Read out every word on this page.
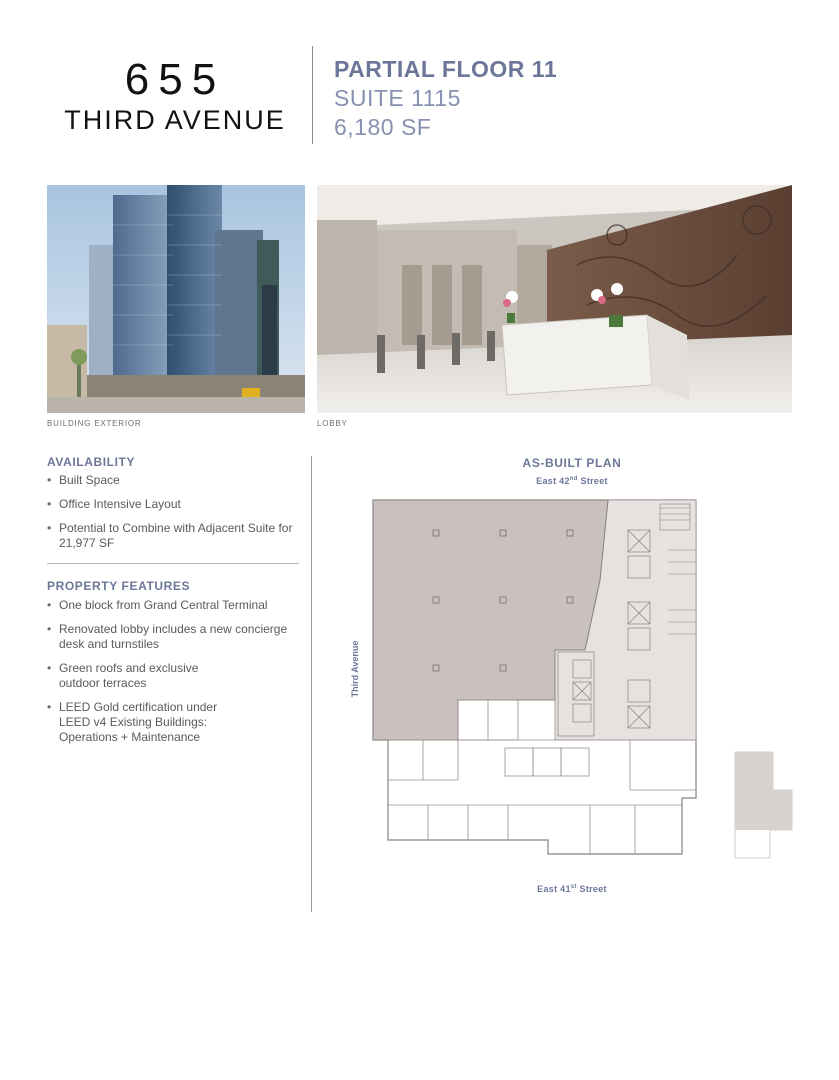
655
THIRD AVENUE
PARTIAL FLOOR 11
SUITE 1115
6,180 SF
BUILDING EXTERIOR	LOBBY
AVAILABILITY
• Built Space
• Office Intensive Layout
• Potential to Combine with Adjacent Suite for 21,977 SF
PROPERTY FEATURES
• One block from Grand Central Terminal
• Renovated lobby includes a new concierge desk and turnstiles
• Green roofs and exclusive outdoor terraces
• LEED Gold certification under LEED v4 Existing Buildings: Operations + Maintenance
AS-BUILT PLAN
East 42nd Street
East 41st Street
Third Avenue
